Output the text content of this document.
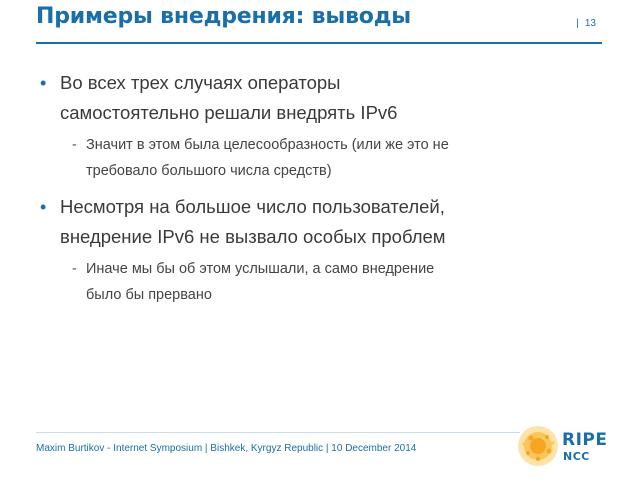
Примеры внедрения: выводы	| 13
• Во всех трех случаях операторы
самостоятельно решали внедрять IPv6
- Значит в этом была целесообразность (или же это не
требовало большого числа средств)
• Несмотря на большое число пользователей,
внедрение IPv6 не вызвало особых проблем
- Иначе мы бы об этом услышали, а само внедрение
было бы прервано
Maxim Burtikov - Internet Symposium | Bishkek, Kyrgyz Republic | 10 December 2014	RIPE
NCC
